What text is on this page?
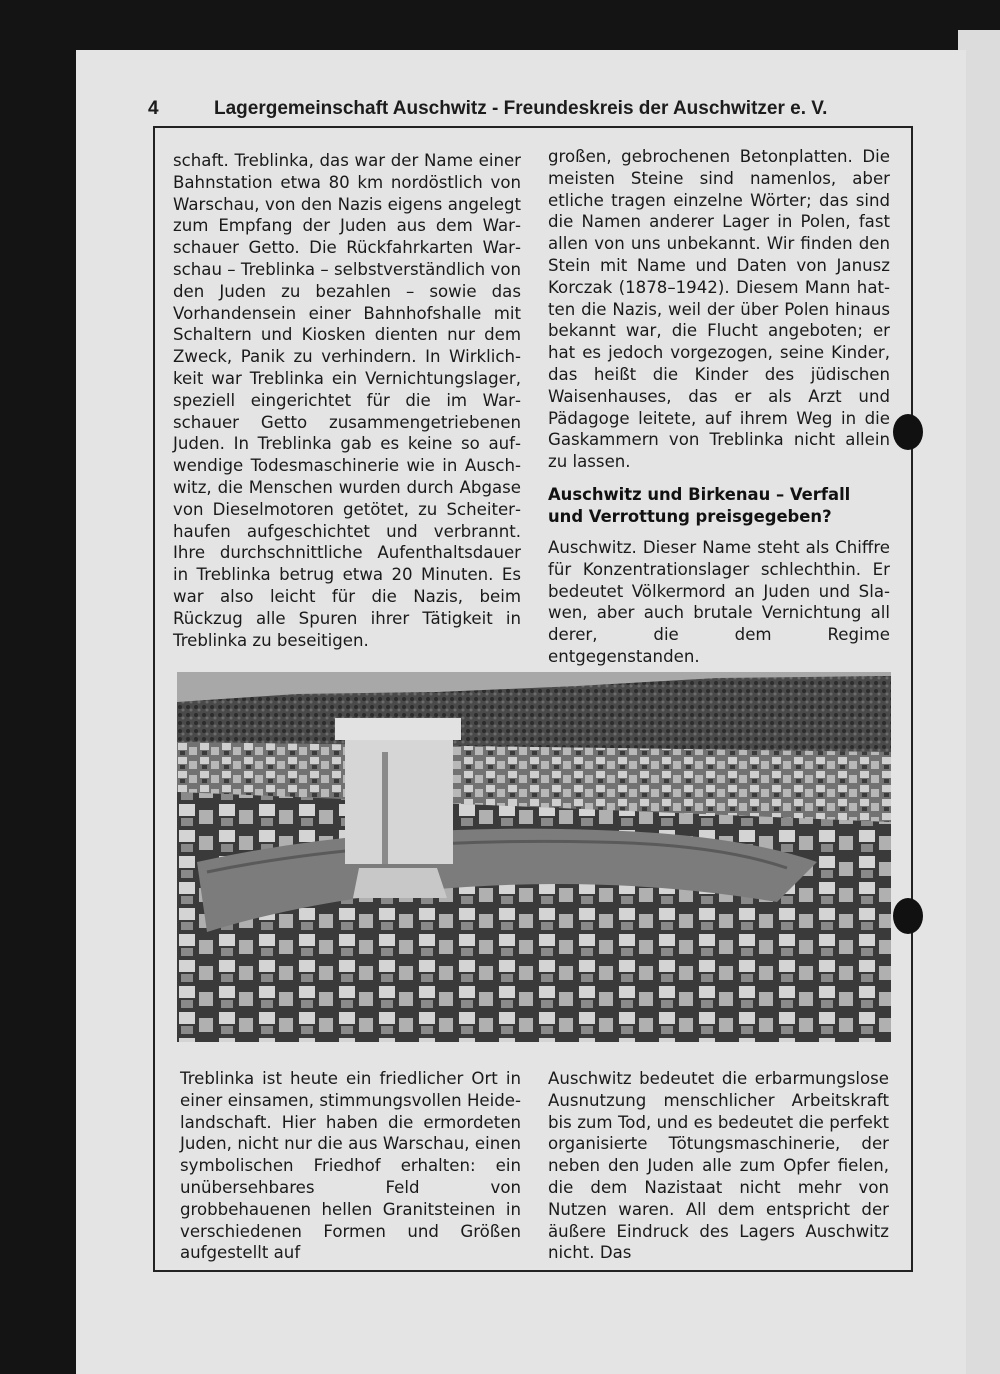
4	Lagergemeinschaft Auschwitz - Freundeskreis der Auschwitzer e. V.
schaft. Treblinka, das war der Name einer Bahnstation etwa 80 km nordöstlich von Warschau, von den Nazis eigens angelegt zum Empfang der Juden aus dem Warschauer Getto. Die Rückfahrkarten Warschau – Treblinka – selbstverständlich von den Juden zu bezahlen – sowie das Vorhandensein einer Bahnhofshalle mit Schaltern und Kiosken dienten nur dem Zweck, Panik zu verhindern. In Wirklichkeit war Treblinka ein Vernichtungslager, speziell eingerichtet für die im Warschauer Getto zusammengetriebenen Juden. In Treblinka gab es keine so aufwendige Todesmaschinerie wie in Auschwitz, die Menschen wurden durch Abgase von Dieselmotoren getötet, zu Scheiterhaufen aufgeschichtet und verbrannt. Ihre durchschnittliche Aufenthaltsdauer in Treblinka betrug etwa 20 Minuten. Es war also leicht für die Nazis, beim Rückzug alle Spuren ihrer Tätigkeit in Treblinka zu beseitigen.
großen, gebrochenen Betonplatten. Die meisten Steine sind namenlos, aber etliche tragen einzelne Wörter; das sind die Namen anderer Lager in Polen, fast allen von uns unbekannt. Wir finden den Stein mit Name und Daten von Janusz Korczak (1878–1942). Diesem Mann hatten die Nazis, weil der über Polen hinaus bekannt war, die Flucht angeboten; er hat es jedoch vorgezogen, seine Kinder, das heißt die Kinder des jüdischen Waisenhauses, das er als Arzt und Pädagoge leitete, auf ihrem Weg in die Gaskammern von Treblinka nicht allein zu lassen.
Auschwitz und Birkenau – Verfall und Verrottung preisgegeben?
Auschwitz. Dieser Name steht als Chiffre für Konzentrationslager schlechthin. Er bedeutet Völkermord an Juden und Slawen, aber auch brutale Vernichtung all derer, die dem Regime entgegenstanden.
Treblinka ist heute ein friedlicher Ort in einer einsamen, stimmungsvollen Heidelandschaft. Hier haben die ermordeten Juden, nicht nur die aus Warschau, einen symbolischen Friedhof erhalten: ein unübersehbares Feld von grobbehauenen hellen Granitsteinen in verschiedenen Formen und Größen aufgestellt auf
Auschwitz bedeutet die erbarmungslose Ausnutzung menschlicher Arbeitskraft bis zum Tod, und es bedeutet die perfekt organisierte Tötungsmaschinerie, der neben den Juden alle zum Opfer fielen, die dem Nazistaat nicht mehr von Nutzen waren. All dem entspricht der äußere Eindruck des Lagers Auschwitz nicht. Das
